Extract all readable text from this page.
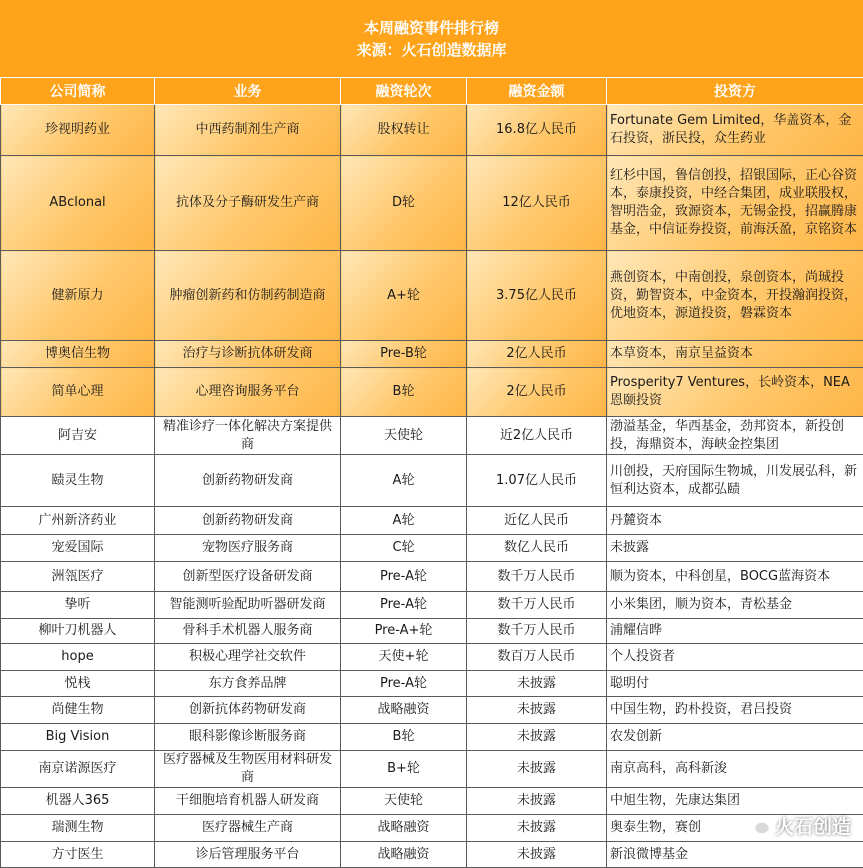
本周融资事件排行榜
来源：火石创造数据库
公司简称	业务	融资轮次	融资金额	投资方
珍视明药业	中西药制剂生产商	股权转让	16.8亿人民币	Fortunate Gem Limited，华盖资本，金石投资，浙民投，众生药业
ABclonal	抗体及分子酶研发生产商	D轮	12亿人民币	红杉中国，鲁信创投，招银国际，正心谷资本，泰康投资，中经合集团，成业联股权，智明浩金，致源资本，无锡金投，招赢腾康基金，中信证券投资，前海沃盈，京铭资本
健新原力	肿瘤创新药和仿制药制造商	A+轮	3.75亿人民币	燕创资本，中南创投，泉创资本，尚珹投资，勤智资本，中金资本，开投瀚润投资，优地资本，源道投资，磐霖资本
博奥信生物	治疗与诊断抗体研发商	Pre-B轮	2亿人民币	本草资本，南京呈益资本
简单心理	心理咨询服务平台	B轮	2亿人民币	Prosperity7 Ventures，长岭资本，NEA恩颐投资
阿吉安	精准诊疗一体化解决方案提供商	天使轮	近2亿人民币	渤溢基金，华西基金，劲邦资本，新投创投，海鼎资本，海峡金控集团
赜灵生物	创新药物研发商	A轮	1.07亿人民币	川创投，天府国际生物城，川发展弘科，新恒利达资本，成都弘赜
广州新济药业	创新药物研发商	A轮	近亿人民币	丹麓资本
宠爱国际	宠物医疗服务商	C轮	数亿人民币	未披露
洲瓴医疗	创新型医疗设备研发商	Pre-A轮	数千万人民币	顺为资本，中科创星，BOCG蓝海资本
挚听	智能测听验配助听器研发商	Pre-A轮	数千万人民币	小米集团，顺为资本，青松基金
柳叶刀机器人	骨科手术机器人服务商	Pre-A+轮	数千万人民币	浦耀信晔
hope	积极心理学社交软件	天使+轮	数百万人民币	个人投资者
悦栈	东方食养品牌	Pre-A轮	未披露	聪明付
尚健生物	创新抗体药物研发商	战略融资	未披露	中国生物，趵朴投资，君吕投资
Big Vision	眼科影像诊断服务商	B轮	未披露	农发创新
南京诺源医疗	医疗器械及生物医用材料研发商	B+轮	未披露	南京高科，高科新浚
机器人365	干细胞培育机器人研发商	天使轮	未披露	中旭生物，先康达集团
瑞测生物	医疗器械生产商	战略融资	未披露	奥泰生物，赛创
方寸医生	诊后管理服务平台	战略融资	未披露	新浪微博基金
火石创造
